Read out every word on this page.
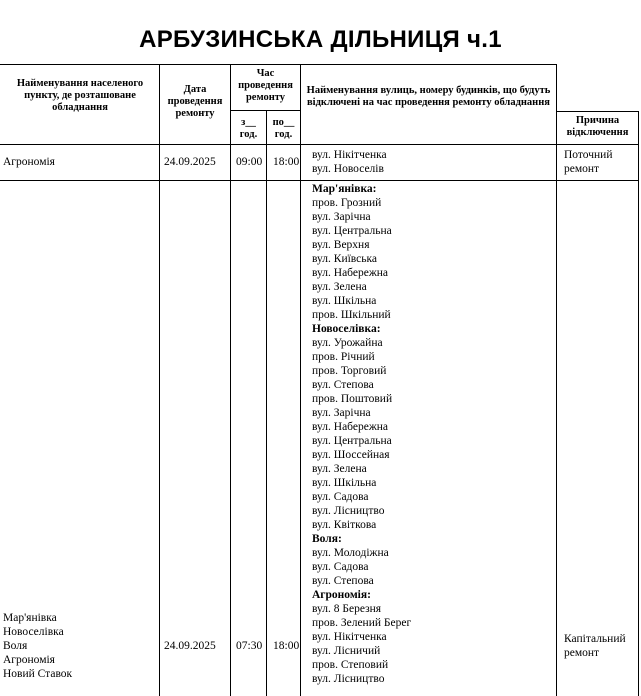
АРБУЗИНСЬКА ДІЛЬНИЦЯ ч.1
Найменування населеного пункту, де розташоване обладнання
Дата проведення ремонту
Час проведення ремонту
з__ год.
по__ год.
Найменування вулиць, номеру будинків, що будуть відключені на час проведення ремонту обладнання
Причина відключення
Агрономія	24.09.2025 09:00 18:00
вул. Нікітченка
вул. Новоселів
Поточний
ремонт
Мар'янівка
Новоселівка
Воля
Агрономія
Новий Ставок
24.09.2025 07:30 18:00
Капітальний
ремонт
Мар'янівка:
пров. Грозний
вул. Зарічна
вул. Центральна
вул. Верхня
вул. Київська
вул. Набережна
вул. Зелена
вул. Шкільна
пров. Шкільний
Новоселівка:
вул. Урожайна
пров. Річний
пров. Торговий
вул. Степова
пров. Поштовий
вул. Зарічна
вул. Набережна
вул. Центральна
вул. Шоссейная
вул. Зелена
вул. Шкільна
вул. Садова
вул. Лісництво
вул. Квіткова
Воля:
вул. Молодіжна
вул. Садова
вул. Степова
Агрономія:
вул. 8 Березня
пров. Зелений Берег
вул. Нікітченка
вул. Лісничий
пров. Степовий
вул. Лісництво
